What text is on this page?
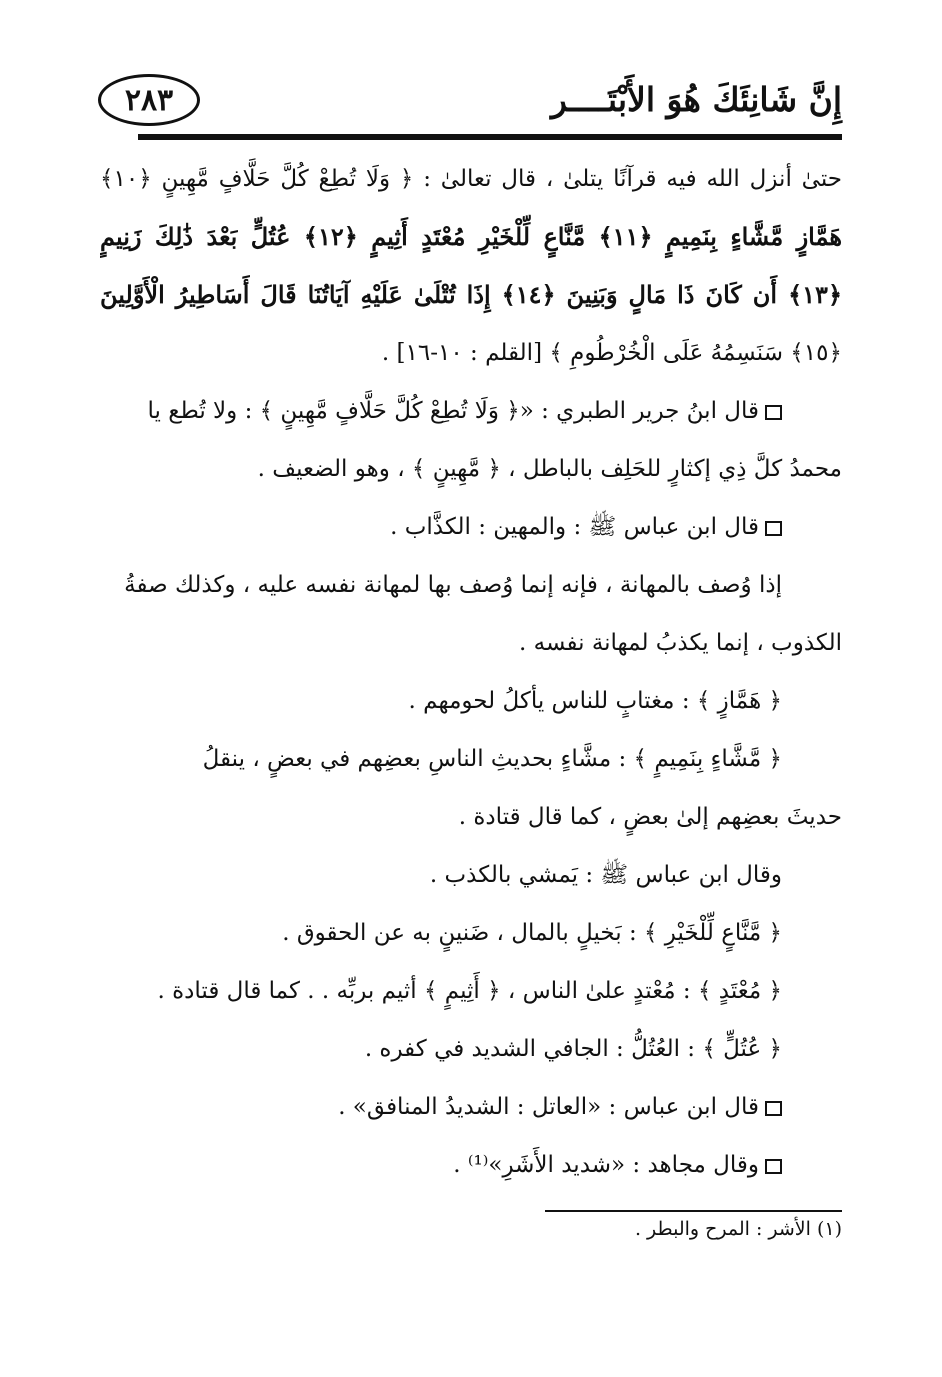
إِنَّ شَانِئَكَ هُوَ الأَبْتَــــر
٢٨٣
حتىٰ أنزل الله فيه قرآنًا يتلىٰ ، قال تعالىٰ : ﴿ وَلَا تُطِعْ كُلَّ حَلَّافٍ مَّهِينٍ ﴿١٠﴾
هَمَّازٍ مَّشَّاءٍ بِنَمِيمٍ ﴿١١﴾ مَّنَّاعٍ لِّلْخَيْرِ مُعْتَدٍ أَثِيمٍ ﴿١٢﴾ عُتُلٍّ بَعْدَ ذَٰلِكَ زَنِيمٍ
﴿١٣﴾ أَن كَانَ ذَا مَالٍ وَبَنِينَ ﴿١٤﴾ إِذَا تُتْلَىٰ عَلَيْهِ آيَاتُنَا قَالَ أَسَاطِيرُ الْأَوَّلِينَ
﴿١٥﴾ سَنَسِمُهُ عَلَى الْخُرْطُومِ ﴾ [القلم : ١٠-١٦] .
قال ابنُ جرير الطبري : «﴿ وَلَا تُطِعْ كُلَّ حَلَّافٍ مَّهِينٍ ﴾ : ولا تُطع يا
محمدُ كلَّ ذِي إكثارٍ للحَلِف بالباطل ، ﴿ مَّهِينٍ ﴾ ، وهو الضعيف .
قال ابن عباس ﷺ : والمهين : الكذَّاب .
إذا وُصف بالمهانة ، فإنه إنما وُصف بها لمهانة نفسه عليه ، وكذلك صفةُ
الكذوب ، إنما يكذبُ لمهانة نفسه .
﴿ هَمَّازٍ ﴾ : مغتابٍ للناس يأكلُ لحومهم .
﴿ مَّشَّاءٍ بِنَمِيمٍ ﴾ : مشَّاءٍ بحديثِ الناسِ بعضِهم في بعضٍ ، ينقلُ
حديثَ بعضِهم إلىٰ بعضٍ ، كما قال قتادة .
وقال ابن عباس ﷺ : يَمشي بالكذب .
﴿ مَّنَّاعٍ لِّلْخَيْرِ ﴾ : بَخيلٍ بالمال ، ضَنينٍ به عن الحقوق .
﴿ مُعْتَدٍ ﴾ : مُعْتدٍ علىٰ الناس ، ﴿ أَثِيمٍ ﴾ أثيم بربِّه . . كما قال قتادة .
﴿ عُتُلٍّ ﴾ : العُتُلُّ : الجافي الشديد في كفره .
قال ابن عباس : «العاتل : الشديدُ المنافق» .
وقال مجاهد : «شديد الأَشَرِ»⁽¹⁾ .
(١) الأشر : المرح والبطر .
